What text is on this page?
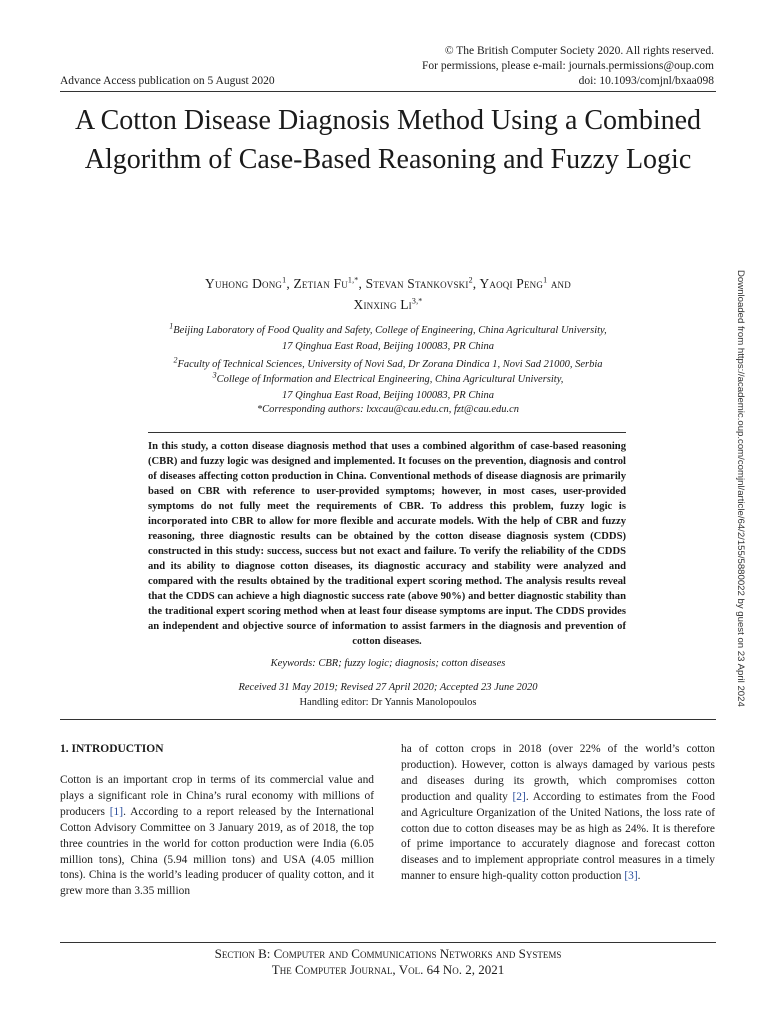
© The British Computer Society 2020. All rights reserved.
For permissions, please e-mail: journals.permissions@oup.com
Advance Access publication on 5 August 2020	doi: 10.1093/comjnl/bxaa098
A Cotton Disease Diagnosis Method Using a Combined Algorithm of Case-Based Reasoning and Fuzzy Logic
Yuhong Dong$^1$, Zetian $Fu^{1,*}$, Stevan Stankovski$^2$, Yaoqi Peng$^1$ and
Xinxing $Li^{3,*}$
$^1$Beijing Laboratory of Food Quality and Safety, College of Engineering, China Agricultural University,
17 Qinghua East Road, Beijing 100083, PR China
$^2$Faculty of Technical Sciences, University of Novi Sad, Dr Zorana Dindica 1, Novi Sad 21000, Serbia
$^3$College of Information and Electrical Engineering, China Agricultural University,
17 Qinghua East Road, Beijing 100083, PR China
*Corresponding authors: lxxcau@cau.edu.cn, fzt@cau.edu.cn
In this study, a cotton disease diagnosis method that uses a combined algorithm of case-based reasoning (CBR) and fuzzy logic was designed and implemented. It focuses on the prevention, diagnosis and control of diseases affecting cotton production in China. Conventional methods of disease diagnosis are primarily based on CBR with reference to user-provided symptoms; however, in most cases, user-provided symptoms do not fully meet the requirements of CBR. To address this problem, fuzzy logic is incorporated into CBR to allow for more flexible and accurate models. With the help of CBR and fuzzy reasoning, three diagnostic results can be obtained by the cotton disease diagnosis system (CDDS) constructed in this study: success, success but not exact and failure. To verify the reliability of the CDDS and its ability to diagnose cotton diseases, its diagnostic accuracy and stability were analyzed and compared with the results obtained by the traditional expert scoring method. The analysis results reveal that the CDDS can achieve a high diagnostic success rate (above 90%) and better diagnostic stability than the traditional expert scoring method when at least four disease symptoms are input. The CDDS provides an independent and objective source of information to assist farmers in the diagnosis and prevention of cotton diseases.
Keywords: CBR; fuzzy logic; diagnosis; cotton diseases
Received 31 May 2019; Revised 27 April 2020; Accepted 23 June 2020
Handling editor: Dr Yannis Manolopoulos
1. INTRODUCTION
Cotton is an important crop in terms of its commercial value and plays a significant role in China’s rural economy with millions of producers [1]. According to a report released by the International Cotton Advisory Committee on 3 January 2019, as of 2018, the top three countries in the world for cotton production were India (6.05 million tons), China (5.94 million tons) and USA (4.05 million tons). China is the world’s leading producer of quality cotton, and it grew more than 3.35 million
ha of cotton crops in 2018 (over 22% of the world’s cotton production). However, cotton is always damaged by various pests and diseases during its growth, which compromises cotton production and quality [2]. According to estimates from the Food and Agriculture Organization of the United Nations, the loss rate of cotton due to cotton diseases may be as high as 24%. It is therefore of prime importance to accurately diagnose and forecast cotton diseases and to implement appropriate control measures in a timely manner to ensure high-quality cotton production [3].
Downloaded from https://academic.oup.com/comjnl/article/64/2/155/5880022 by guest on 23 April 2024
Section B: Computer and Communications Networks and Systems
The Computer Journal, Vol. 64 No. 2, 2021
